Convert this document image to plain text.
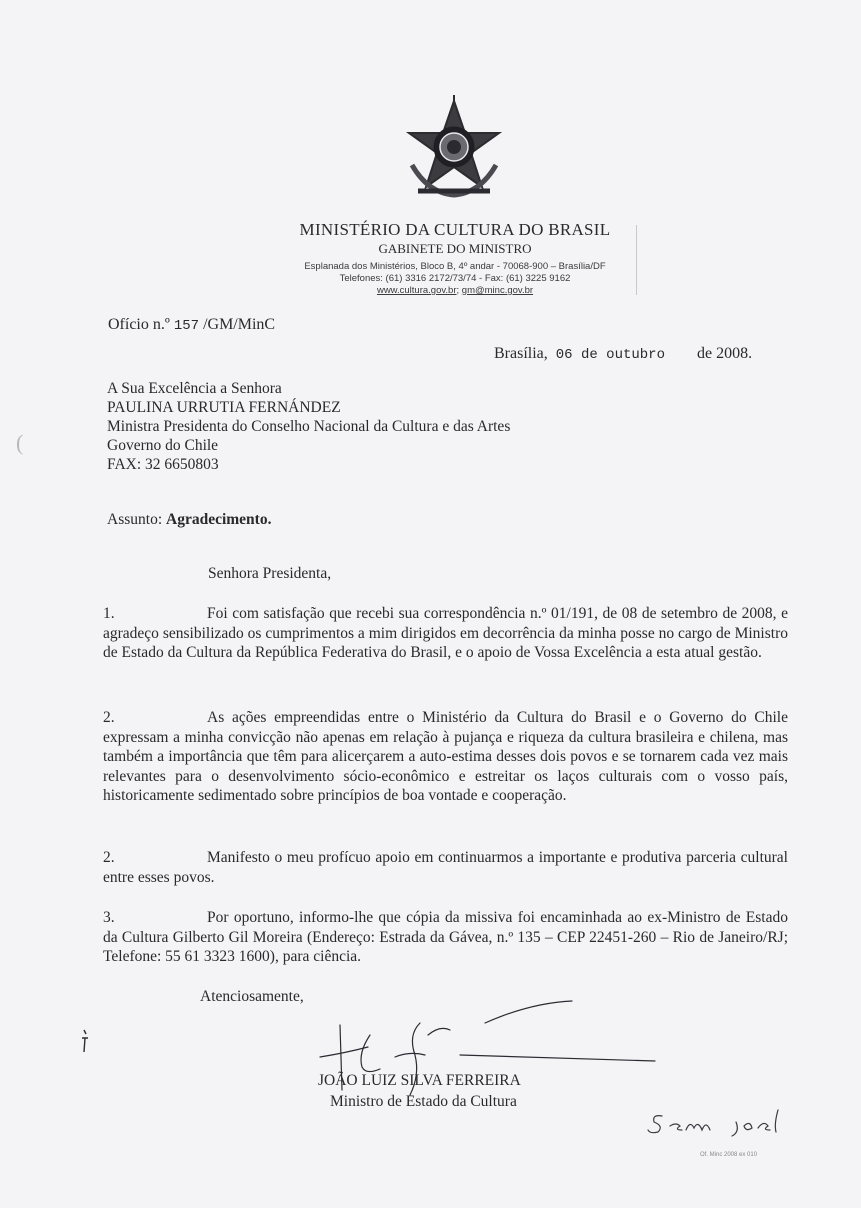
MINISTÉRIO DA CULTURA DO BRASIL
GABINETE DO MINISTRO
Esplanada dos Ministérios, Bloco B, 4º andar - 70068-900 – Brasília/DF
Telefones: (61) 3316 2172/73/74 - Fax: (61) 3225 9162
www.cultura.gov.br; gm@minc.gov.br
Ofício n.º 157 /GM/MinC
Brasília, 06 de outubro de 2008.
A Sua Excelência a Senhora
PAULINA URRUTIA FERNÁNDEZ
Ministra Presidenta do Conselho Nacional da Cultura e das Artes
Governo do Chile
FAX: 32 6650803
Assunto: Agradecimento.
Senhora Presidenta,
1.	Foi com satisfação que recebi sua correspondência n.º 01/191, de 08 de setembro de 2008, e agradeço sensibilizado os cumprimentos a mim dirigidos em decorrência da minha posse no cargo de Ministro de Estado da Cultura da República Federativa do Brasil, e o apoio de Vossa Excelência a esta atual gestão.
2.	As ações empreendidas entre o Ministério da Cultura do Brasil e o Governo do Chile expressam a minha convicção não apenas em relação à pujança e riqueza da cultura brasileira e chilena, mas também a importância que têm para alicerçarem a auto-estima desses dois povos e se tornarem cada vez mais relevantes para o desenvolvimento sócio-econômico e estreitar os laços culturais com o vosso país, historicamente sedimentado sobre princípios de boa vontade e cooperação.
2.	Manifesto o meu profícuo apoio em continuarmos a importante e produtiva parceria cultural entre esses povos.
3.	Por oportuno, informo-lhe que cópia da missiva foi encaminhada ao ex-Ministro de Estado da Cultura Gilberto Gil Moreira (Endereço: Estrada da Gávea, n.º 135 – CEP 22451-260 – Rio de Janeiro/RJ; Telefone: 55 61 3323 1600), para ciência.
Atenciosamente,
JOÃO LUIZ SILVA FERREIRA
Ministro de Estado da Cultura
Of. Minc 2008 ex 010
(
